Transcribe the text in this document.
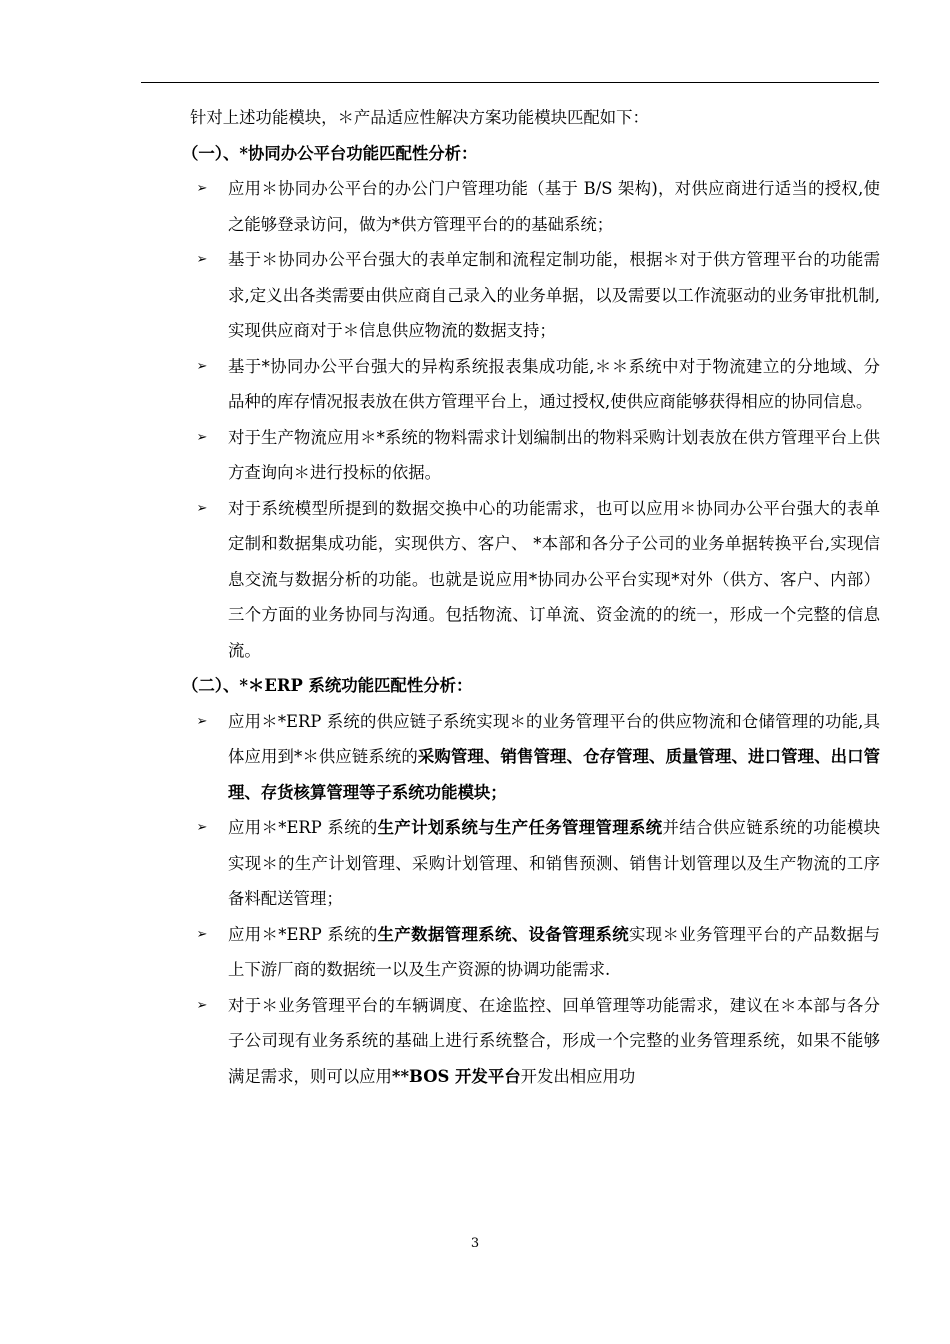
针对上述功能模块，＊产品适应性解决方案功能模块匹配如下：

（一）、*协同办公平台功能匹配性分析：

➢ 应用＊协同办公平台的办公门户管理功能（基于 B/S 架构)，对供应商进行适当的授权,使之能够登录访问，做为*供方管理平台的的基础系统；
➢ 基于＊协同办公平台强大的表单定制和流程定制功能，根据＊对于供方管理平台的功能需求,定义出各类需要由供应商自己录入的业务单据，以及需要以工作流驱动的业务审批机制,实现供应商对于＊信息供应物流的数据支持；
➢ 基于*协同办公平台强大的异构系统报表集成功能,＊＊系统中对于物流建立的分地域、分品种的库存情况报表放在供方管理平台上，通过授权,使供应商能够获得相应的协同信息。
➢ 对于生产物流应用＊*系统的物料需求计划编制出的物料采购计划表放在供方管理平台上供方查询向＊进行投标的依据。
➢ 对于系统模型所提到的数据交换中心的功能需求，也可以应用＊协同办公平台强大的表单定制和数据集成功能，实现供方、客户、 *本部和各分子公司的业务单据转换平台,实现信息交流与数据分析的功能。也就是说应用*协同办公平台实现*对外（供方、客户、内部）三个方面的业务协同与沟通。包括物流、订单流、资金流的的统一，形成一个完整的信息流。

（二）、*＊ERP 系统功能匹配性分析：

➢ 应用＊*ERP 系统的供应链子系统实现＊的业务管理平台的供应物流和仓储管理的功能,具体应用到*＊供应链系统的采购管理、销售管理、仓存管理、质量管理、进口管理、出口管理、存货核算管理等子系统功能模块；
➢ 应用＊*ERP 系统的生产计划系统与生产任务管理管理系统并结合供应链系统的功能模块实现＊的生产计划管理、采购计划管理、和销售预测、销售计划管理以及生产物流的工序备料配送管理；
➢ 应用＊*ERP 系统的生产数据管理系统、设备管理系统实现＊业务管理平台的产品数据与上下游厂商的数据统一以及生产资源的协调功能需求.
➢ 对于＊业务管理平台的车辆调度、在途监控、回单管理等功能需求，建议在＊本部与各分子公司现有业务系统的基础上进行系统整合，形成一个完整的业务管理系统，如果不能够满足需求，则可以应用**BOS 开发平台开发出相应用功
3
